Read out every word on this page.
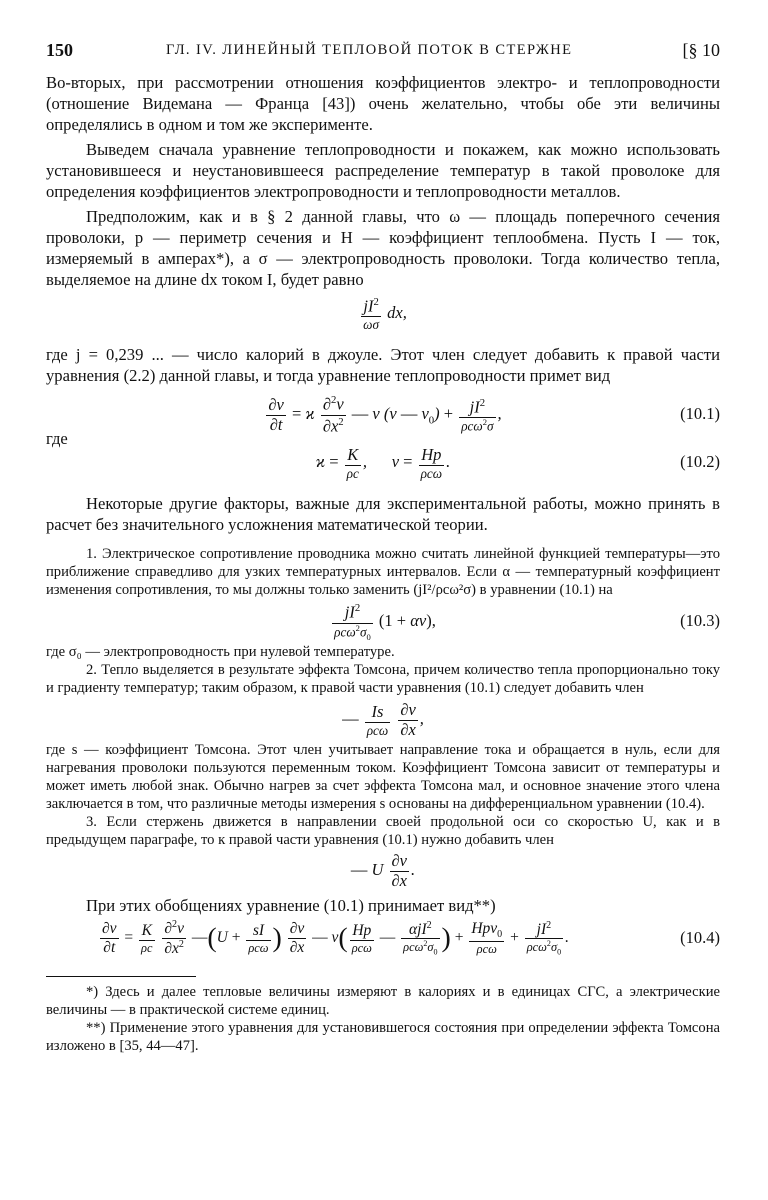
150	ГЛ. IV. ЛИНЕЙНЫЙ ТЕПЛОВОЙ ПОТОК В СТЕРЖНЕ	[§ 10

Во-вторых, при рассмотрении отношения коэффициентов электро- и теплопроводности (отношение Видемана — Франца [43]) очень желательно, чтобы обе эти величины определялись в одном и том же эксперименте.

Выведем сначала уравнение теплопроводности и покажем, как можно использовать установившееся и неустановившееся распределение температур в такой проволоке для определения коэффициентов электропроводности и теплопроводности металлов.

Предположим, как и в § 2 данной главы, что ω — площадь поперечного сечения проволоки, p — периметр сечения и H — коэффициент теплообмена. Пусть I — ток, измеряемый в амперах*), а σ — электропроводность проволоки. Тогда количество тепла, выделяемое на длине dx током I, будет равно

$\frac{jI^2}{\omega\sigma}$ dx,

где j = 0,239 ... — число калорий в джоуле. Этот член следует добавить к правой части уравнения (2.2) данной главы, и тогда уравнение теплопроводности примет вид

$\frac{\partial v}{\partial t} = ϰ \frac{\partial^2v}{\partial x^2}$ — ν (v — $v_0) + \frac{jI^2}{\rho c\omega^2\sigma}$ ,	(10.1)

где

$ϰ = \frac{K}{\rho c}$ ,      $\nu = \frac{Hp}{\text{ρcω}}$ .	(10.2)

Некоторые другие факторы, важные для экспериментальной работы, можно принять в расчет без значительного усложнения математической теории.

1. Электрическое сопротивление проводника можно считать линейной функцией температуры—это приближение справедливо для узких температурных интервалов. Если α — температурный коэффициент изменения сопротивления, то мы должны только заменить (jI²/ρcω²σ) в уравнении (10.1) на

$\frac{jI^2}{\rho c\omega^2\sigma_0} (1 + \alpha v)$,	(10.3)

где σ₀ — электропроводность при нулевой температуре.

2. Тепло выделяется в результате эффекта Томсона, причем количество тепла пропорционально току и градиенту температур; таким образом, к правой части уравнения (10.1) следует добавить член

— $\frac{Is}{\text{ρcω}}$
$\frac{\partial v}{\partial x}$ ,

где s — коэффициент Томсона. Этот член учитывает направление тока и обращается в нуль, если для нагревания проволоки пользуются переменным током. Коэффициент Томсона зависит от температуры и может иметь любой знак. Обычно нагрев за счет эффекта Томсона мал, и основное значение этого члена заключается в том, что различные методы измерения s основаны на дифференциальном уравнении (10.4).

3. Если стержень движется в направлении своей продольной оси со скоростью U, как и в предыдущем параграфе, то к правой части уравнения (10.1) нужно добавить член

— U $\frac{\partial v}{\partial x}$ .

При этих обобщениях уравнение (10.1) принимает вид**)

$\frac{\partial v}{\partial t} = \frac{K}{\rho c}$
$\frac{\partial^2v}{\partial x^2}$ —(U + $\frac{sI}{\text{ρcω}}$ ) $\frac{\partial v}{\partial x}$ — $v( \frac{Hp}{\text{ρcω}}$ — $\frac{\alpha jI^2}{\rho c\omega^2\sigma_0}$ ) + $\frac{Hpv_0}{\text{ρcω}} + \frac{jI^2}{\rho c\omega^2\sigma_0}$ .	(10.4)

*) Здесь и далее тепловые величины измеряют в калориях и в единицах СГС, а электрические величины — в практической системе единиц.

**) Применение этого уравнения для установившегося состояния при определении эффекта Томсона изложено в [35, 44—47].
